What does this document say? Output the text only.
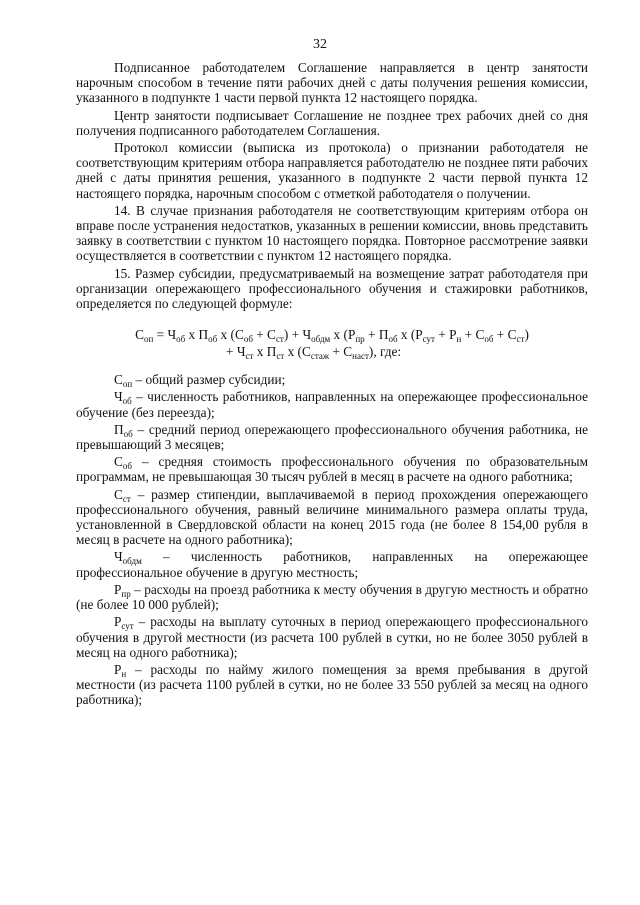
32

Подписанное работодателем Соглашение направляется в центр занятости нарочным способом в течение пяти рабочих дней с даты получения решения комиссии, указанного в подпункте 1 части первой пункта 12 настоящего порядка.

Центр занятости подписывает Соглашение не позднее трех рабочих дней со дня получения подписанного работодателем Соглашения.

Протокол комиссии (выписка из протокола) о признании работодателя не соответствующим критериям отбора направляется работодателю не позднее пяти рабочих дней с даты принятия решения, указанного в подпункте 2 части первой пункта 12 настоящего порядка, нарочным способом с отметкой работодателя о получении.

14. В случае признания работодателя не соответствующим критериям отбора он вправе после устранения недостатков, указанных в решении комиссии, вновь представить заявку в соответствии с пунктом 10 настоящего порядка. Повторное рассмотрение заявки осуществляется в соответствии с пунктом 12 настоящего порядка.

15. Размер субсидии, предусматриваемый на возмещение затрат работодателя при организации опережающего профессионального обучения и стажировки работников, определяется по следующей формуле:

$С_{оп} = Ч_{об}$ x $П_{об}$ x $(С_{об} + С_{ст}) + Ч_{обдм}$ x ($Р_{пр} + П_{об}$ x $(Р_{сут} + Р_н + С_{об} + С_{ст})$
+ $Ч_{ст}$ x $П_{ст}$ x $(С_{стаж} + С_{наст})$, где:

$С_{оп}$ – общий размер субсидии;

$Ч_{об}$ – численность работников, направленных на опережающее профессиональное обучение (без переезда);

$П_{об}$ – средний период опережающего профессионального обучения работника, не превышающий 3 месяцев;

$С_{об}$ – средняя стоимость профессионального обучения по образовательным программам, не превышающая 30 тысяч рублей в месяц в расчете на одного работника;

$С_{ст}$ – размер стипендии, выплачиваемой в период прохождения опережающего профессионального обучения, равный величине минимального размера оплаты труда, установленной в Свердловской области на конец 2015 года (не более 8 154,00 рубля в месяц в расчете на одного работника);

$Ч_{обдм}$ – численность работников, направленных на опережающее профессиональное обучение в другую местность;

$Р_{пр}$ – расходы на проезд работника к месту обучения в другую местность и обратно (не более 10 000 рублей);

$Р_{сут}$ – расходы на выплату суточных в период опережающего профессионального обучения в другой местности (из расчета 100 рублей в сутки, но не более 3050 рублей в месяц на одного работника);

$Р_н$ – расходы по найму жилого помещения за время пребывания в другой местности (из расчета 1100 рублей в сутки, но не более 33 550 рублей за месяц на одного работника);
